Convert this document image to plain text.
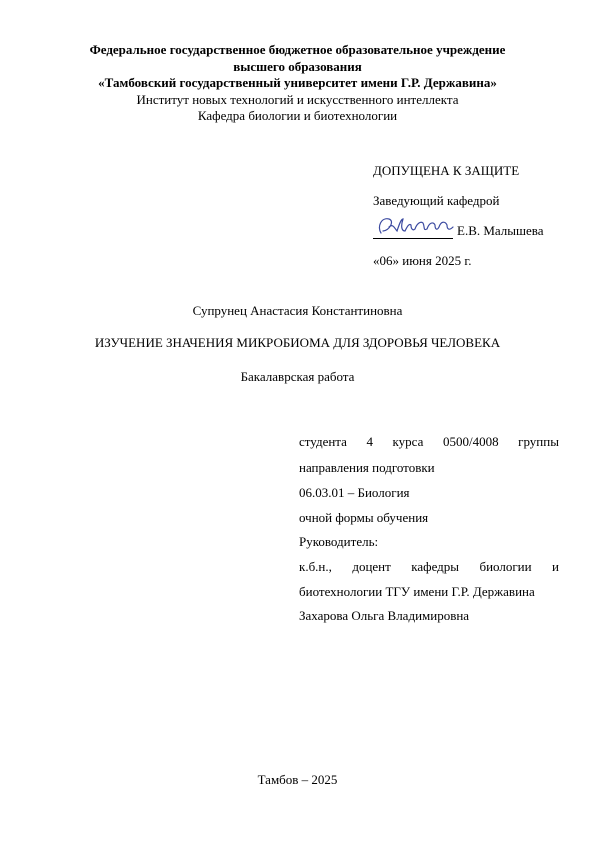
Федеральное государственное бюджетное образовательное учреждение
высшего образования
«Тамбовский государственный университет имени Г.Р. Державина»
Институт новых технологий и искусственного интеллекта
Кафедра биологии и биотехнологии
ДОПУЩЕНА К ЗАЩИТЕ
Заведующий кафедрой
Е.В. Малышева
«06» июня 2025 г.
Супрунец Анастасия Константиновна
ИЗУЧЕНИЕ ЗНАЧЕНИЯ МИКРОБИОМА ДЛЯ ЗДОРОВЬЯ ЧЕЛОВЕКА
Бакалаврская работа
студента 4 курса 0500/4008 группы
направления подготовки
06.03.01 – Биология
очной формы обучения
Руководитель:
к.б.н., доцент кафедры биологии и
биотехнологии ТГУ имени Г.Р. Державина
Захарова Ольга Владимировна
Тамбов – 2025
